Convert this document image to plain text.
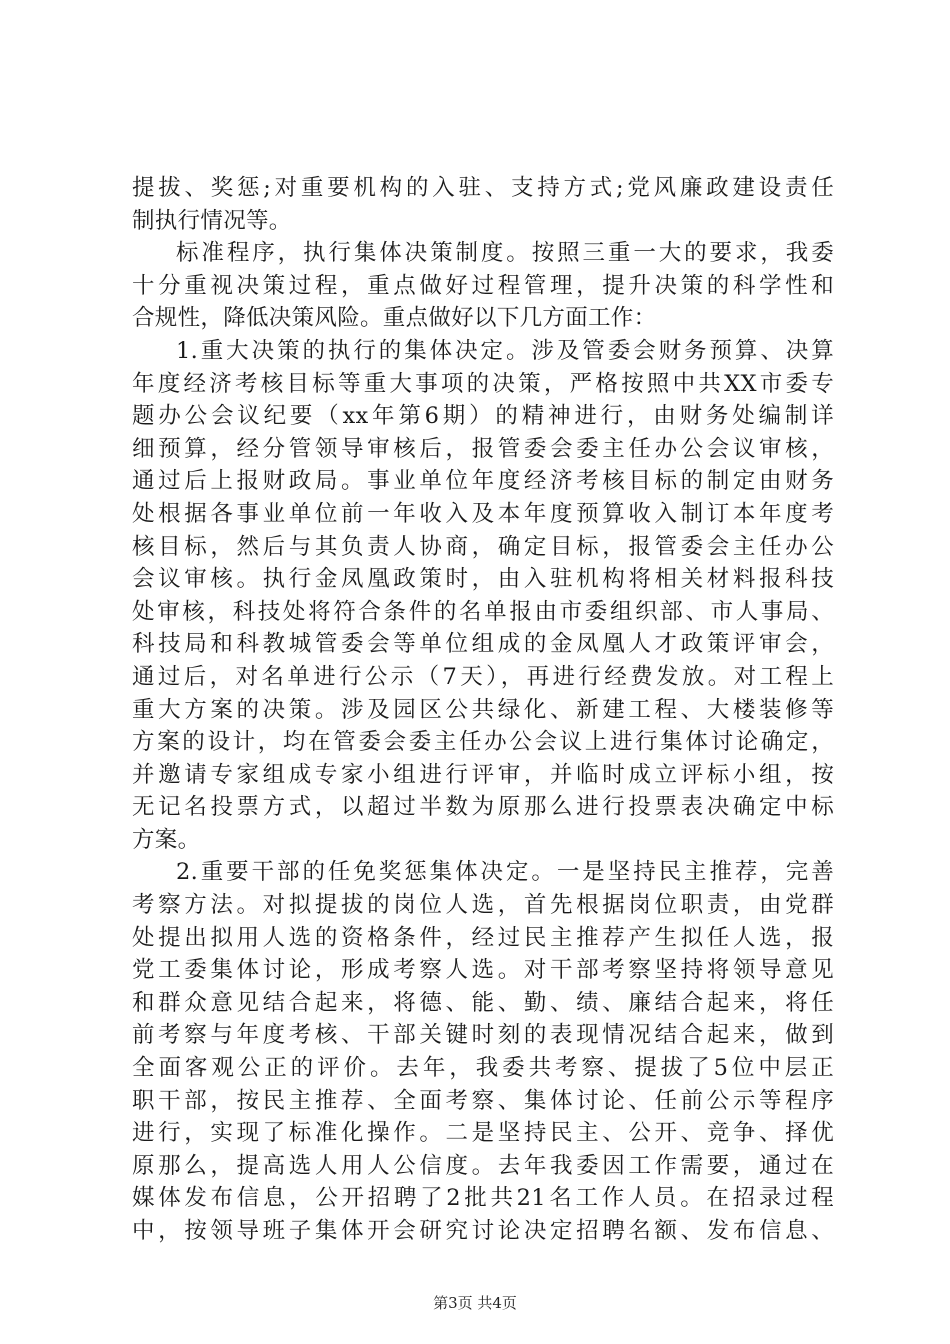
提拔、奖惩;对重要机构的入驻、支持方式;党风廉政建设责任
制执行情况等。
标准程序，执行集体决策制度。按照三重一大的要求，我委
十分重视决策过程，重点做好过程管理，提升决策的科学性和
合规性，降低决策风险。重点做好以下几方面工作：
1.重大决策的执行的集体决定。涉及管委会财务预算、决算
年度经济考核目标等重大事项的决策，严格按照中共XX市委专
题办公会议纪要（xx年第6期）的精神进行，由财务处编制详
细预算，经分管领导审核后，报管委会委主任办公会议审核，
通过后上报财政局。事业单位年度经济考核目标的制定由财务
处根据各事业单位前一年收入及本年度预算收入制订本年度考
核目标，然后与其负责人协商，确定目标，报管委会主任办公
会议审核。执行金凤凰政策时，由入驻机构将相关材料报科技
处审核，科技处将符合条件的名单报由市委组织部、市人事局、
科技局和科教城管委会等单位组成的金凤凰人才政策评审会，
通过后，对名单进行公示（7天），再进行经费发放。对工程上
重大方案的决策。涉及园区公共绿化、新建工程、大楼装修等
方案的设计，均在管委会委主任办公会议上进行集体讨论确定，
并邀请专家组成专家小组进行评审，并临时成立评标小组，按
无记名投票方式，以超过半数为原那么进行投票表决确定中标
方案。
2.重要干部的任免奖惩集体决定。一是坚持民主推荐，完善
考察方法。对拟提拔的岗位人选，首先根据岗位职责，由党群
处提出拟用人选的资格条件，经过民主推荐产生拟任人选，报
党工委集体讨论，形成考察人选。对干部考察坚持将领导意见
和群众意见结合起来，将德、能、勤、绩、廉结合起来，将任
前考察与年度考核、干部关键时刻的表现情况结合起来，做到
全面客观公正的评价。去年，我委共考察、提拔了5位中层正
职干部，按民主推荐、全面考察、集体讨论、任前公示等程序
进行，实现了标准化操作。二是坚持民主、公开、竞争、择优
原那么，提高选人用人公信度。去年我委因工作需要，通过在
媒体发布信息，公开招聘了2批共21名工作人员。在招录过程
中，按领导班子集体开会研究讨论决定招聘名额、发布信息、
第3页 共4页
